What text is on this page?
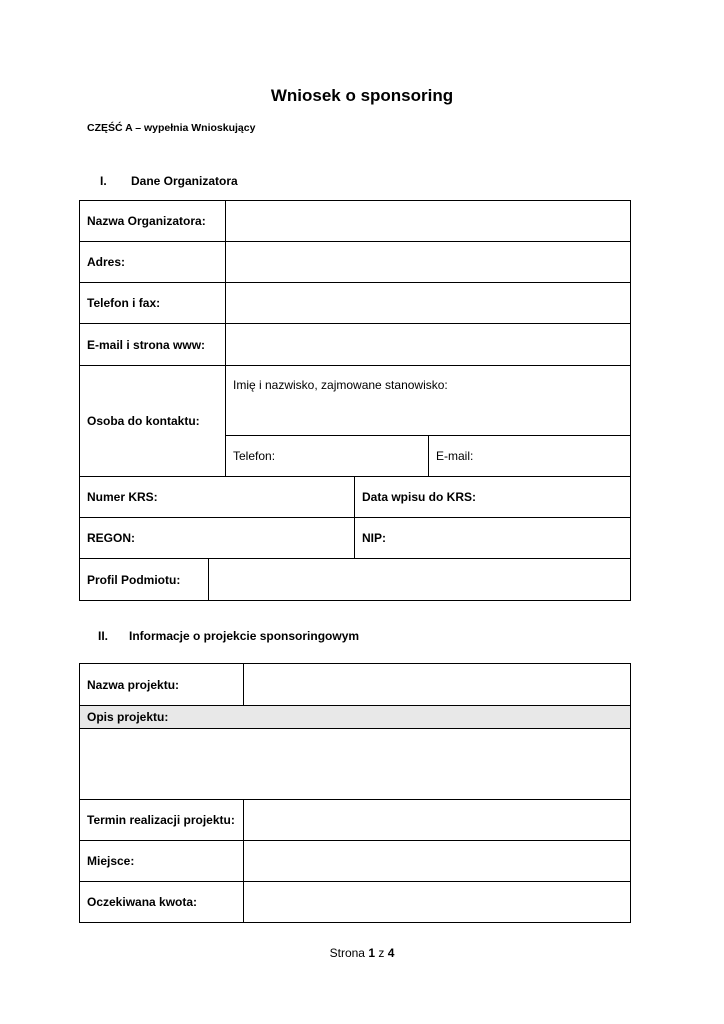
Wniosek o sponsoring
CZĘŚĆ A – wypełnia Wnioskujący
I. Dane Organizatora
Nazwa Organizatora:
Adres:
Telefon i fax:
E-mail i strona www:
Osoba do kontaktu:
Imię i nazwisko, zajmowane stanowisko:
Telefon:	E-mail:
Numer KRS:	Data wpisu do KRS:
REGON:	NIP:
Profil Podmiotu:
II. Informacje o projekcie sponsoringowym
Nazwa projektu:
Opis projektu:
Termin realizacji projektu:
Miejsce:
Oczekiwana kwota:
Strona 1 z 4
